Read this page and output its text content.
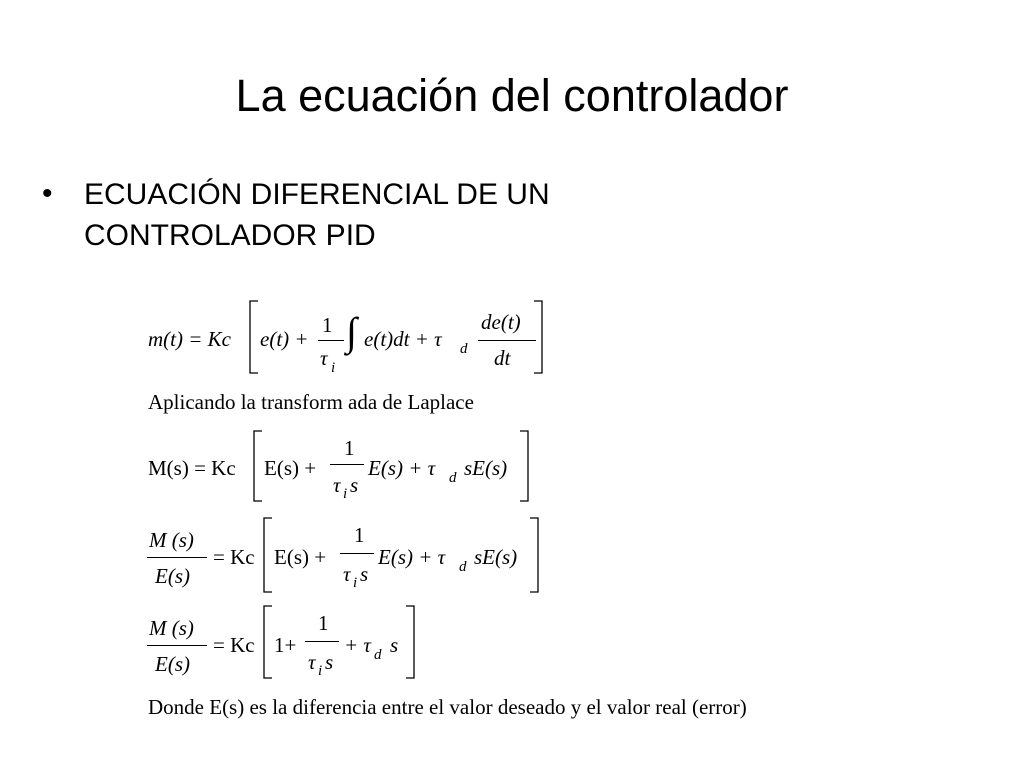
La ecuación del controlador
• ECUACIÓN DIFERENCIAL DE UN CONTROLADOR PID
m(t) = Kc e(t) +
1
τ i
∫ e(t)dt + τ d
de(t)
dt
Aplicando la transform ada de Laplace
M(s) = Kc E(s) +
1
τ i s
E(s) + τ d sE(s)
M (s)
E(s)
= Kc E(s) +
1
τ i s
E(s) + τ d sE(s)
M (s)
E(s)
= Kc 1+
1
τ i s
+ τ d s
Donde E(s) es la diferencia entre el valor deseado y el valor real (error)
